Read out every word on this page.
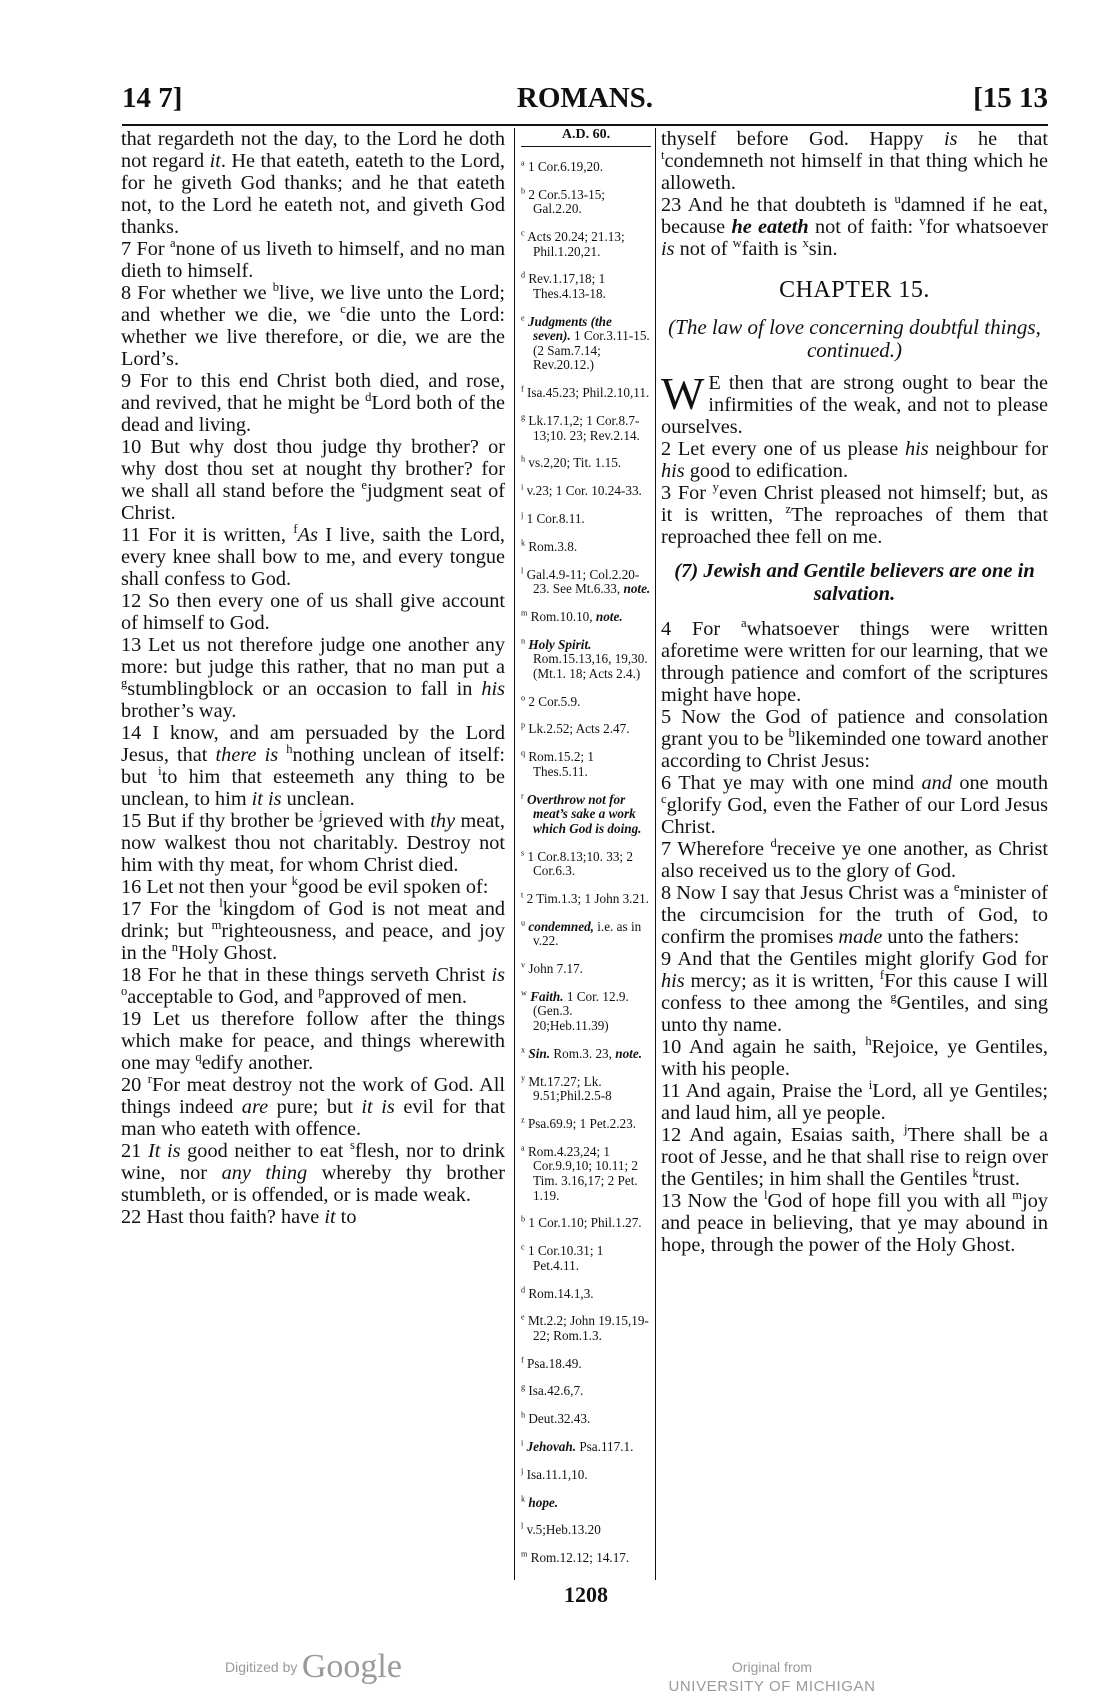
14 7]	ROMANS.	[15 13

that regardeth not the day, to the Lord he doth not regard it. He that eateth, eateth to the Lord, for he giveth God thanks; and he that eateth not, to the Lord he eateth not, and giveth God thanks.

7 For $^a$none of us liveth to himself, and no man dieth to himself.

8 For whether we $^b$live, we live unto the Lord; and whether we die, we $^c$die unto the Lord: whether we live therefore, or die, we are the Lord’s.

9 For to this end Christ both died, and rose, and revived, that he might be $^d$Lord both of the dead and living.

10 But why dost thou judge thy brother? or why dost thou set at nought thy brother? for we shall all stand before the $^e$judgment seat of Christ.

11 For it is written, $^f$As I live, saith the Lord, every knee shall bow to me, and every tongue shall confess to God.

12 So then every one of us shall give account of himself to God.

13 Let us not therefore judge one another any more: but judge this rather, that no man put a $^g$stumblingblock or an occasion to fall in his brother’s way.

14 I know, and am persuaded by the Lord Jesus, that there is $^h$nothing unclean of itself: but $^i$to him that esteemeth any thing to be unclean, to him it is unclean.

15 But if thy brother be $^j$grieved with thy meat, now walkest thou not charitably. Destroy not him with thy meat, for whom Christ died.

16 Let not then your $^k$good be evil spoken of:

17 For the $^l$kingdom of God is not meat and drink; but $^m$righteousness, and peace, and joy in the $^n$Holy Ghost.

18 For he that in these things serveth Christ is $^o$acceptable to God, and $^p$approved of men.

19 Let us therefore follow after the things which make for peace, and things wherewith one may $^q$edify another.

20 $^r$For meat destroy not the work of God. All things indeed are pure; but it is evil for that man who eateth with offence.

21 It is good neither to eat $^s$flesh, nor to drink wine, nor any thing whereby thy brother stumbleth, or is offended, or is made weak.

22 Hast thou faith? have it to

A.D. 60.

$^a$ 1 Cor.6.19,20.

$^b$ 2 Cor.5.13-15; Gal.2.20.

$^c$ Acts 20.24; 21.13; Phil.1.20,21.

$^d$ Rev.1.17,18; 1 Thes.4.13-18.

$^e$ Judgments (the seven). 1 Cor.3.11-15. (2 Sam.7.14; Rev.20.12.)

$^f$ Isa.45.23; Phil.2.10,11.

$^g$ Lk.17.1,2; 1 Cor.8.7-13;10. 23; Rev.2.14.

$^h$ vs.2,20; Tit. 1.15.

$^i$ v.23; 1 Cor. 10.24-33.

$^j$ 1 Cor.8.11.

$^k$ Rom.3.8.

$^l$ Gal.4.9-11; Col.2.20-23. See Mt.6.33, note.

$^m$ Rom.10.10, note.

$^n$ Holy Spirit. Rom.15.13,16, 19,30. (Mt.1. 18; Acts 2.4.)

$^o$ 2 Cor.5.9.

$^p$ Lk.2.52; Acts 2.47.

$^q$ Rom.15.2; 1 Thes.5.11.

$^r$ Overthrow not for meat’s sake a work which God is doing.

$^s$ 1 Cor.8.13;10. 33; 2 Cor.6.3.

$^t$ 2 Tim.1.3; 1 John 3.21.

$^u$ condemned, i.e. as in v.22.

$^v$ John 7.17.

$^w$ Faith. 1 Cor. 12.9. (Gen.3. 20;Heb.11.39)

$^x$ Sin. Rom.3. 23, note.

$^y$ Mt.17.27; Lk. 9.51;Phil.2.5-8

$^z$ Psa.69.9; 1 Pet.2.23.

$^a$ Rom.4.23,24; 1 Cor.9.9,10; 10.11; 2 Tim. 3.16,17; 2 Pet. 1.19.

$^b$ 1 Cor.1.10; Phil.1.27.

$^c$ 1 Cor.10.31; 1 Pet.4.11.

$^d$ Rom.14.1,3.

$^e$ Mt.2.2; John 19.15,19-22; Rom.1.3.

$^f$ Psa.18.49.

$^g$ Isa.42.6,7.

$^h$ Deut.32.43.

$^i$ Jehovah. Psa.117.1.

$^j$ Isa.11.1,10.

$^k$ hope.

$^l$ v.5;Heb.13.20

$^m$ Rom.12.12; 14.17.

thyself before God. Happy is he that $^t$condemneth not himself in that thing which he alloweth.

23 And he that doubteth is $^u$damned if he eat, because he eateth not of faith: $^v$for whatsoever is not of $^w$faith is $^x$sin.

CHAPTER 15.
(The law of love concerning doubtful things, continued.)

W E then that are strong ought to bear the infirmities of the weak, and not to please ourselves.

2 Let every one of us please his neighbour for his good to edification.

3 For $^y$even Christ pleased not himself; but, as it is written, $^z$The reproaches of them that reproached thee fell on me.

(7) Jewish and Gentile believers are one in salvation.

4 For $^a$whatsoever things were written aforetime were written for our learning, that we through patience and comfort of the scriptures might have hope.

5 Now the God of patience and consolation grant you to be $^b$likeminded one toward another according to Christ Jesus:

6 That ye may with one mind and one mouth $^c$glorify God, even the Father of our Lord Jesus Christ.

7 Wherefore $^d$receive ye one another, as Christ also received us to the glory of God.

8 Now I say that Jesus Christ was a $^e$minister of the circumcision for the truth of God, to confirm the promises made unto the fathers:

9 And that the Gentiles might glorify God for his mercy; as it is written, $^f$For this cause I will confess to thee among the $^g$Gentiles, and sing unto thy name.

10 And again he saith, $^h$Rejoice, ye Gentiles, with his people.

11 And again, Praise the $^i$Lord, all ye Gentiles; and laud him, all ye people.

12 And again, Esaias saith, $^j$There shall be a root of Jesse, and he that shall rise to reign over the Gentiles; in him shall the Gentiles $^k$trust.

13 Now the $^l$God of hope fill you with all $^m$joy and peace in believing, that ye may abound in hope, through the power of the Holy Ghost.

1208
Digitized by Google	Original from
UNIVERSITY OF MICHIGAN
